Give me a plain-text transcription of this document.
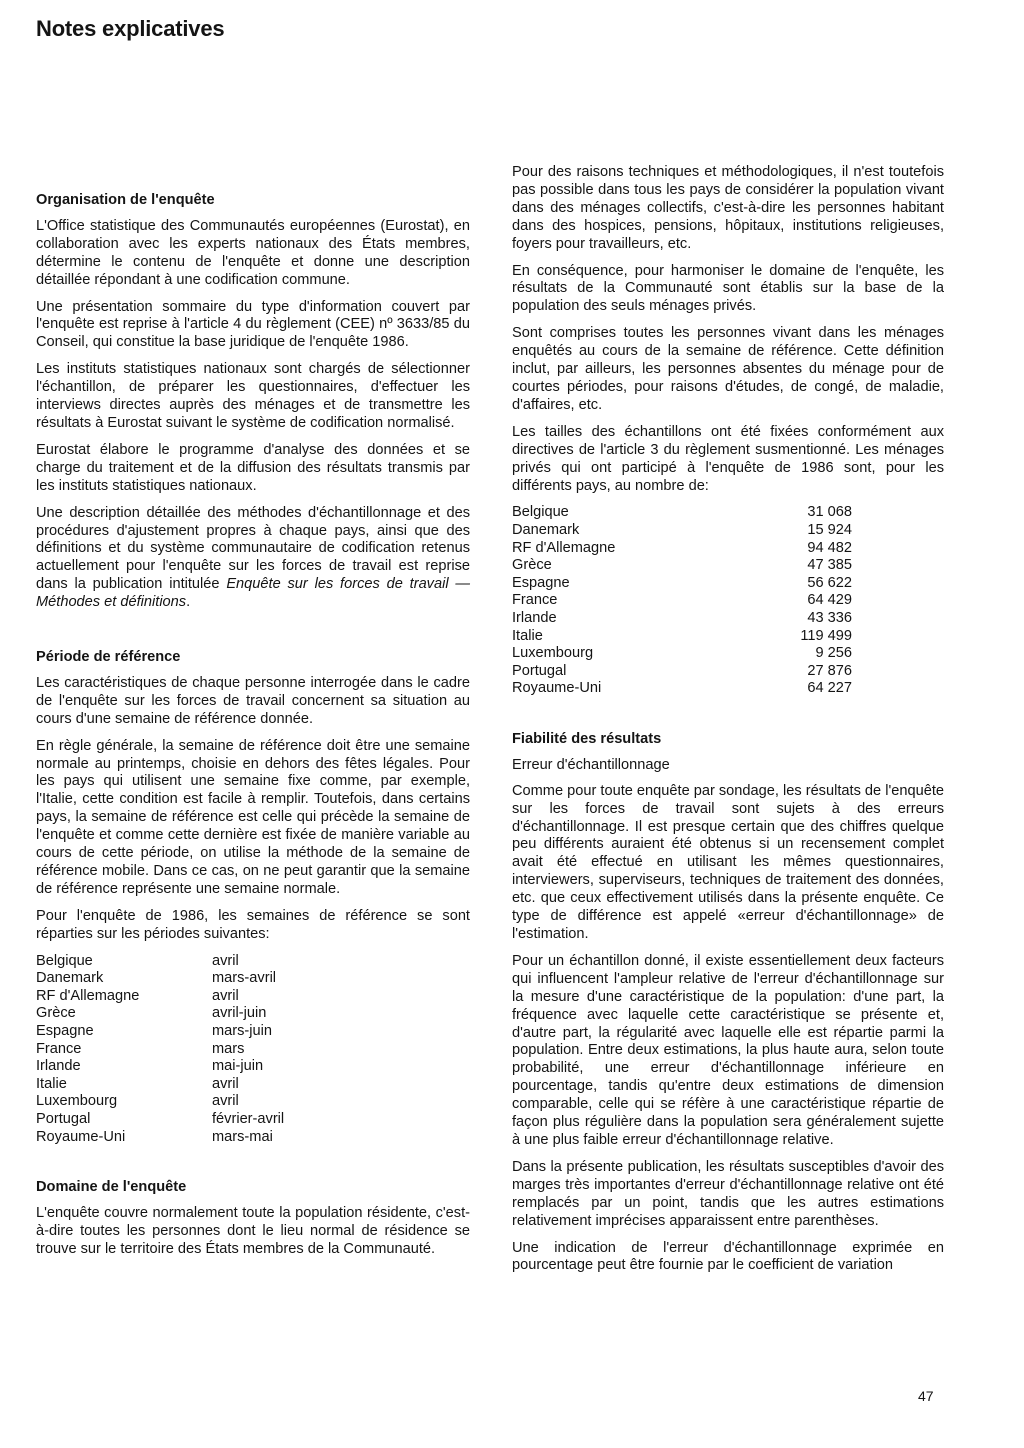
Notes explicatives
Organisation de l'enquête

L'Office statistique des Communautés européennes (Eurostat), en collaboration avec les experts nationaux des États membres, détermine le contenu de l'enquête et donne une description détaillée répondant à une codification commune.

Une présentation sommaire du type d'information couvert par l'enquête est reprise à l'article 4 du règlement (CEE) nº 3633/85 du Conseil, qui constitue la base juridique de l'enquête 1986.

Les instituts statistiques nationaux sont chargés de sélectionner l'échantillon, de préparer les questionnaires, d'effectuer les interviews directes auprès des ménages et de transmettre les résultats à Eurostat suivant le système de codification normalisé.

Eurostat élabore le programme d'analyse des données et se charge du traitement et de la diffusion des résultats transmis par les instituts statistiques nationaux.

Une description détaillée des méthodes d'échantillonnage et des procédures d'ajustement propres à chaque pays, ainsi que des définitions et du système communautaire de codification retenus actuellement pour l'enquête sur les forces de travail est reprise dans la publication intitulée Enquête sur les forces de travail — Méthodes et définitions.

Période de référence

Les caractéristiques de chaque personne interrogée dans le cadre de l'enquête sur les forces de travail concernent sa situation au cours d'une semaine de référence donnée.

En règle générale, la semaine de référence doit être une semaine normale au printemps, choisie en dehors des fêtes légales. Pour les pays qui utilisent une semaine fixe comme, par exemple, l'Italie, cette condition est facile à remplir. Toutefois, dans certains pays, la semaine de référence est celle qui précède la semaine de l'enquête et comme cette dernière est fixée de manière variable au cours de cette période, on utilise la méthode de la semaine de référence mobile. Dans ce cas, on ne peut garantir que la semaine de référence représente une semaine normale.

Pour l'enquête de 1986, les semaines de référence se sont réparties sur les périodes suivantes:

Belgique	avril
Danemark	mars-avril
RF d'Allemagne	avril
Grèce	avril-juin
Espagne	mars-juin
France	mars
Irlande	mai-juin
Italie	avril
Luxembourg	avril
Portugal	février-avril
Royaume-Uni	mars-mai
Domaine de l'enquête

L'enquête couvre normalement toute la population résidente, c'est-à-dire toutes les personnes dont le lieu normal de résidence se trouve sur le territoire des États membres de la Communauté.

Pour des raisons techniques et méthodologiques, il n'est toutefois pas possible dans tous les pays de considérer la population vivant dans des ménages collectifs, c'est-à-dire les personnes habitant dans des hospices, pensions, hôpitaux, institutions religieuses, foyers pour travailleurs, etc.

En conséquence, pour harmoniser le domaine de l'enquête, les résultats de la Communauté sont établis sur la base de la population des seuls ménages privés.

Sont comprises toutes les personnes vivant dans les ménages enquêtés au cours de la semaine de référence. Cette définition inclut, par ailleurs, les personnes absentes du ménage pour de courtes périodes, pour raisons d'études, de congé, de maladie, d'affaires, etc.

Les tailles des échantillons ont été fixées conformément aux directives de l'article 3 du règlement susmentionné. Les ménages privés qui ont participé à l'enquête de 1986 sont, pour les différents pays, au nombre de:

Belgique	31 068
Danemark	15 924
RF d'Allemagne	94 482
Grèce	47 385
Espagne	56 622
France	64 429
Irlande	43 336
Italie	119 499
Luxembourg	9 256
Portugal	27 876
Royaume-Uni	64 227
Fiabilité des résultats
Erreur d'échantillonnage

Comme pour toute enquête par sondage, les résultats de l'enquête sur les forces de travail sont sujets à des erreurs d'échantillonnage. Il est presque certain que des chiffres quelque peu différents auraient été obtenus si un recensement complet avait été effectué en utilisant les mêmes questionnaires, interviewers, superviseurs, techniques de traitement des données, etc. que ceux effectivement utilisés dans la présente enquête. Ce type de différence est appelé «erreur d'échantillonnage» de l'estimation.

Pour un échantillon donné, il existe essentiellement deux facteurs qui influencent l'ampleur relative de l'erreur d'échantillonnage sur la mesure d'une caractéristique de la population: d'une part, la fréquence avec laquelle cette caractéristique se présente et, d'autre part, la régularité avec laquelle elle est répartie parmi la population. Entre deux estimations, la plus haute aura, selon toute probabilité, une erreur d'échantillonnage inférieure en pourcentage, tandis qu'entre deux estimations de dimension comparable, celle qui se réfère à une caractéristique répartie de façon plus régulière dans la population sera généralement sujette à une plus faible erreur d'échantillonnage relative.

Dans la présente publication, les résultats susceptibles d'avoir des marges très importantes d'erreur d'échantillonnage relative ont été remplacés par un point, tandis que les autres estimations relativement imprécises apparaissent entre parenthèses.

Une indication de l'erreur d'échantillonnage exprimée en pourcentage peut être fournie par le coefficient de variation

47
